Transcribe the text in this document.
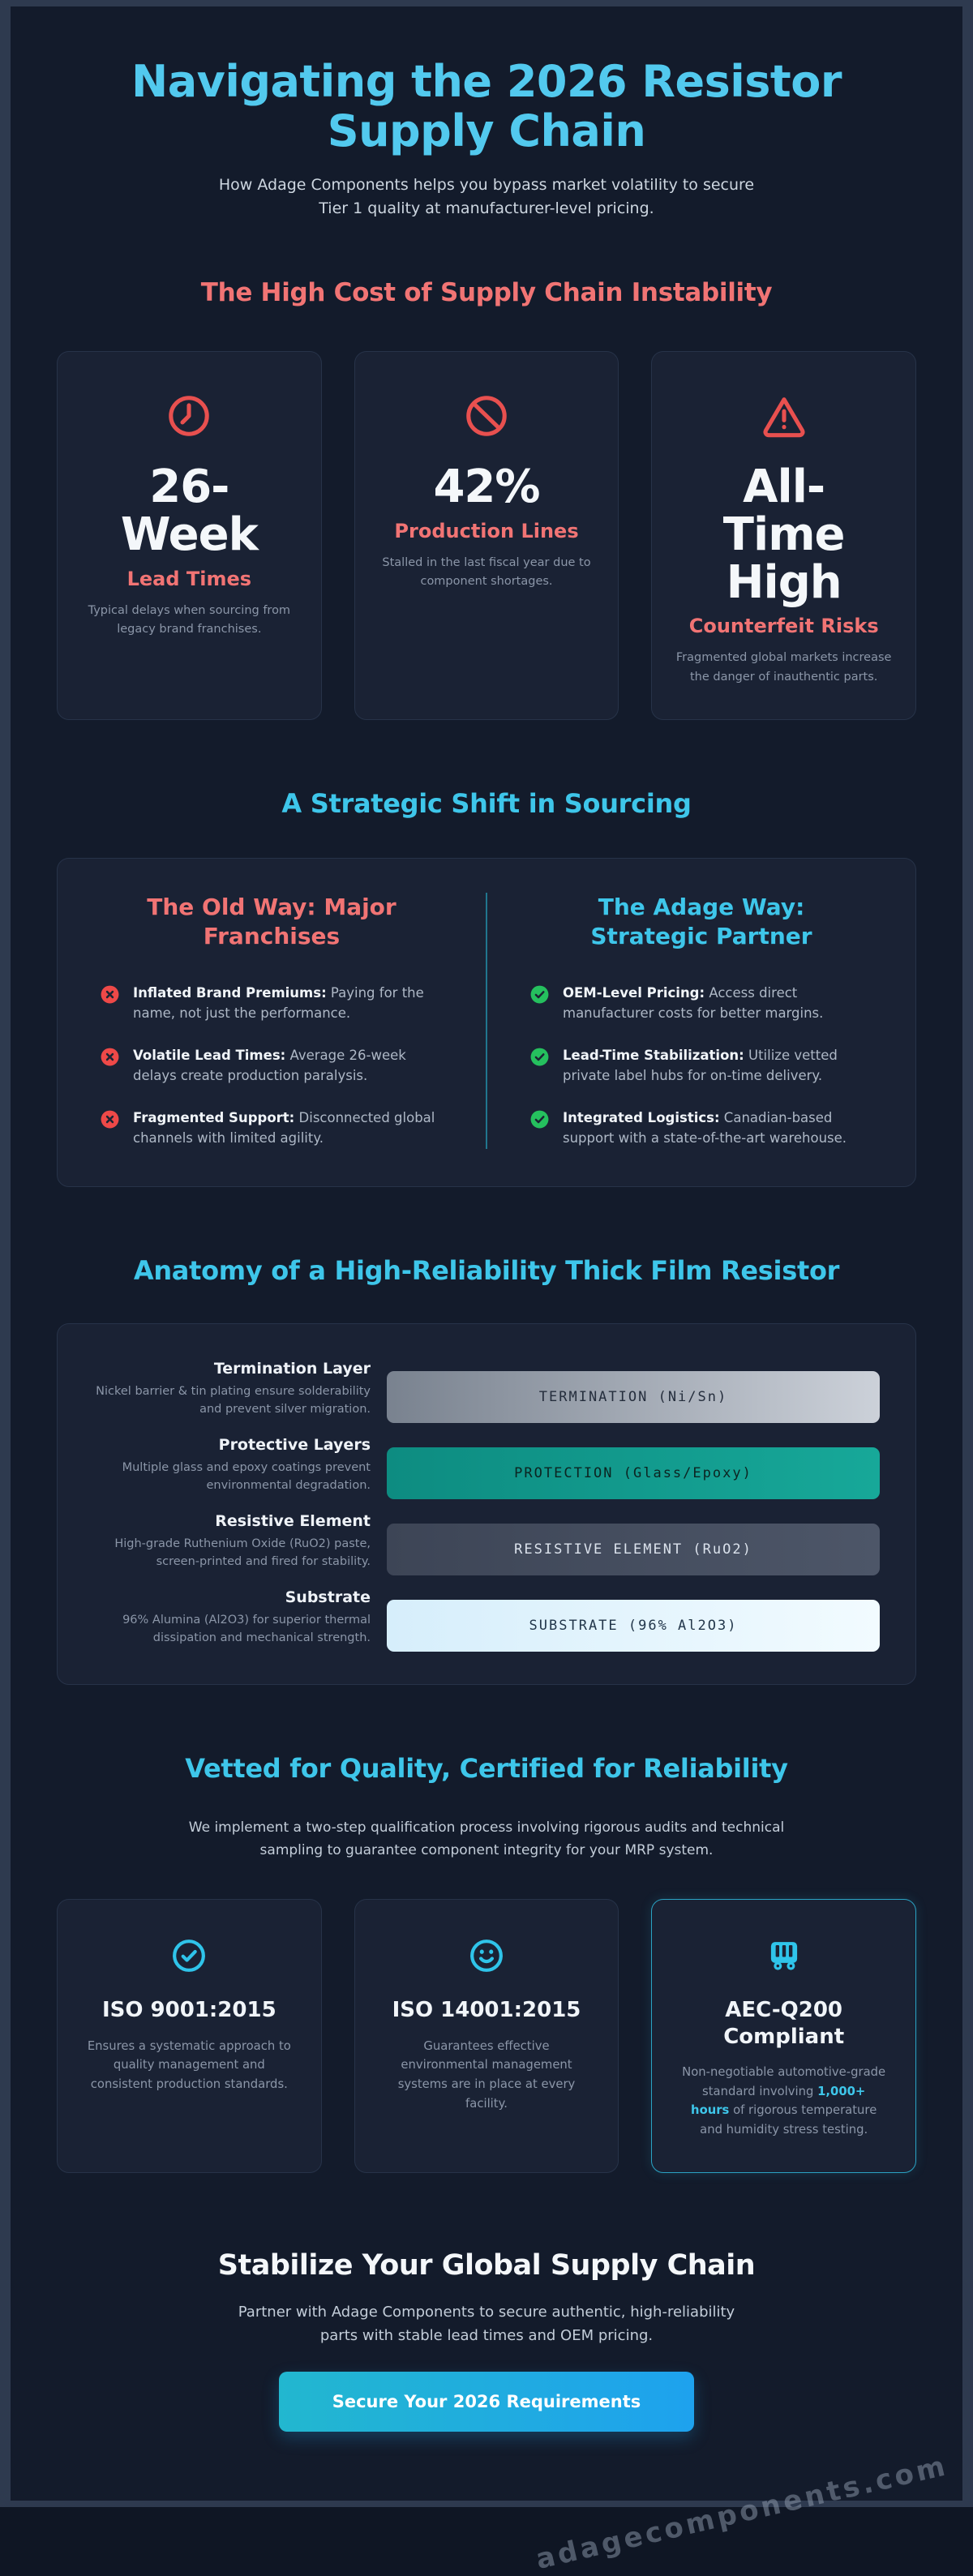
Navigating the 2026 Resistor Supply Chain

How Adage Components helps you bypass market volatility to secure Tier 1 quality at manufacturer-level pricing.

The High Cost of Supply Chain Instability
26-Week
Lead Times

Typical delays when sourcing from legacy brand franchises.

42%
Production Lines

Stalled in the last fiscal year due to component shortages.

All-Time High
Counterfeit Risks

Fragmented global markets increase the danger of inauthentic parts.

A Strategic Shift in Sourcing
The Old Way: Major Franchises

Inflated Brand Premiums: Paying for the name, not just the performance.

Volatile Lead Times: Average 26-week delays create production paralysis.

Fragmented Support: Disconnected global channels with limited agility.

The Adage Way: Strategic Partner

OEM-Level Pricing: Access direct manufacturer costs for better margins.

Lead-Time Stabilization: Utilize vetted private label hubs for on-time delivery.

Integrated Logistics: Canadian-based support with a state-of-the-art warehouse.

Anatomy of a High-Reliability Thick Film Resistor
Termination Layer

Nickel barrier & tin plating ensure solderability and prevent silver migration.

TERMINATION (Ni/Sn)
Protective Layers

Multiple glass and epoxy coatings prevent environmental degradation.

PROTECTION (Glass/Epoxy)
Resistive Element

High-grade Ruthenium Oxide (RuO2) paste, screen-printed and fired for stability.

RESISTIVE ELEMENT (RuO2)
Substrate

96% Alumina (Al2O3) for superior thermal dissipation and mechanical strength.

SUBSTRATE (96% Al2O3)
Vetted for Quality, Certified for Reliability

We implement a two-step qualification process involving rigorous audits and technical sampling to guarantee component integrity for your MRP system.

ISO 9001:2015

Ensures a systematic approach to quality management and consistent production standards.

ISO 14001:2015

Guarantees effective environmental management systems are in place at every facility.

AEC-Q200 Compliant

Non-negotiable automotive-grade standard involving 1,000+ hours of rigorous temperature and humidity stress testing.

Stabilize Your Global Supply Chain

Partner with Adage Components to secure authentic, high-reliability parts with stable lead times and OEM pricing.

Secure Your 2026 Requirements
adagecomponents.com
